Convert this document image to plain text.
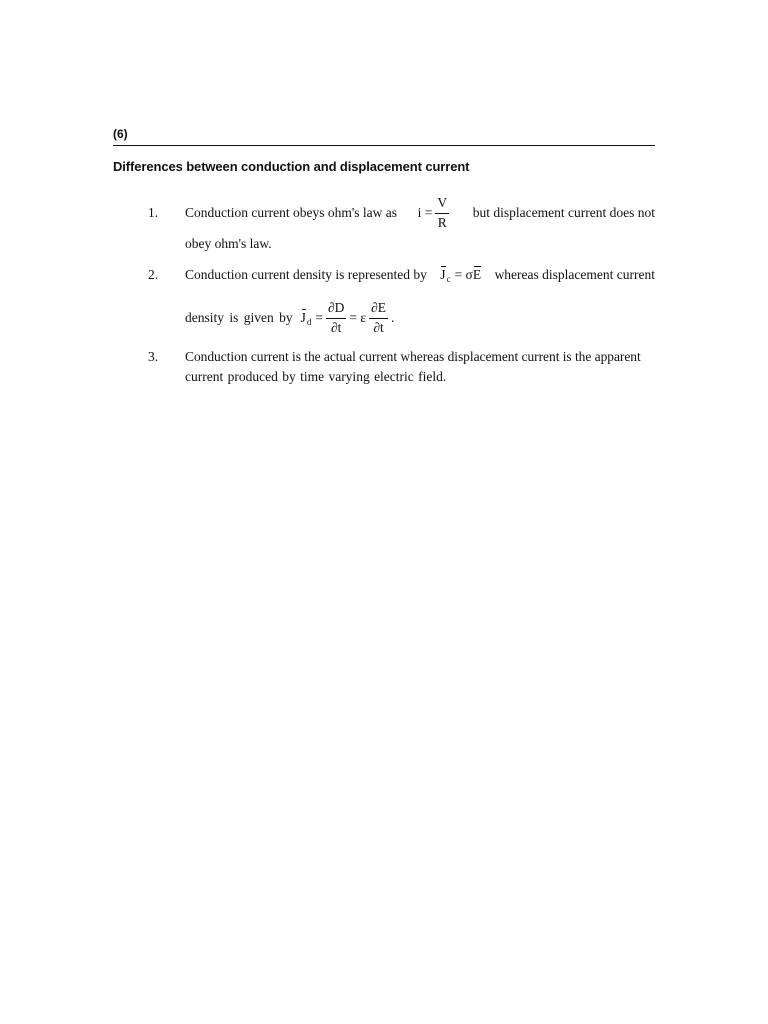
(6)
Differences between conduction and displacement current
1. Conduction current obeys ohm's law as $i = \frac{V}{R}$ but displacement current does not
obey ohm's law.
2. Conduction current density is represented by J c = σ E whereas displacement current
density is given by J $d = \frac{\partial D}{\partial t} = \varepsilon \frac{\partial E}{\partial t}$ .
3. Conduction current is the actual current whereas displacement current is the apparent
current produced by time varying electric field.
